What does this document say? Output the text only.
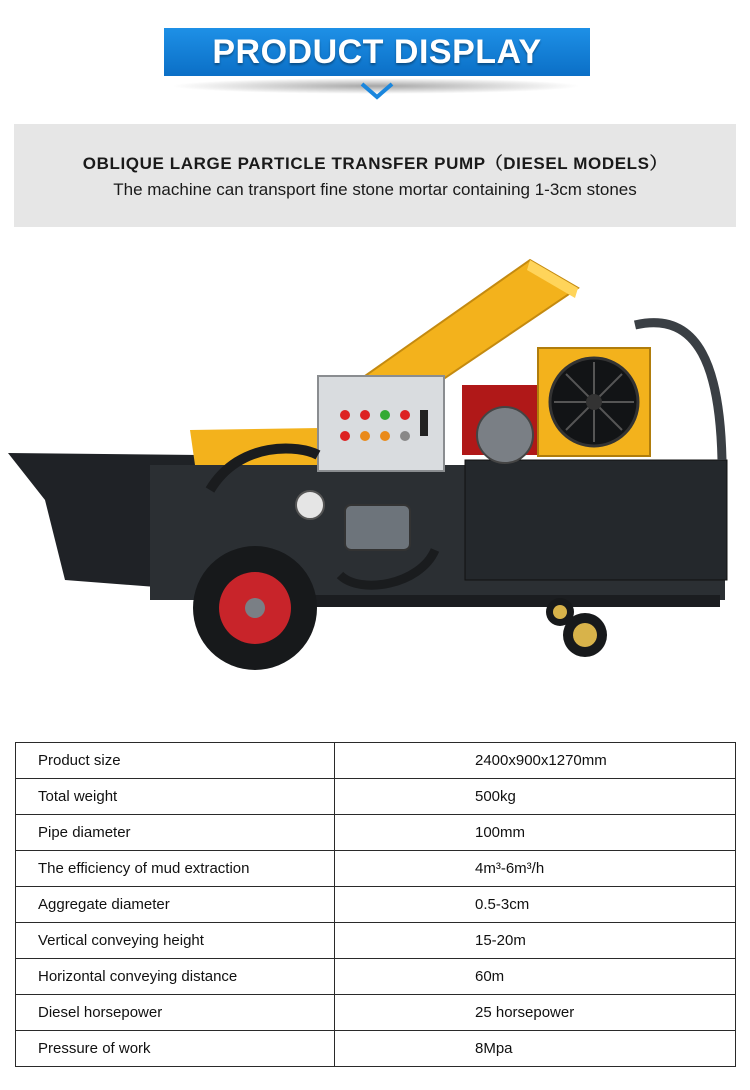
PRODUCT DISPLAY
OBLIQUE LARGE PARTICLE TRANSFER PUMP（DIESEL MODELS）
The machine can transport fine stone mortar containing 1-3cm stones
Product size	2400x900x1270mm
Total weight	500kg
Pipe diameter	100mm
The efficiency of mud extraction	4m³-6m³/h
Aggregate diameter	0.5-3cm
Vertical conveying height	15-20m
Horizontal conveying distance	60m
Diesel horsepower	25 horsepower
Pressure of work	8Mpa
